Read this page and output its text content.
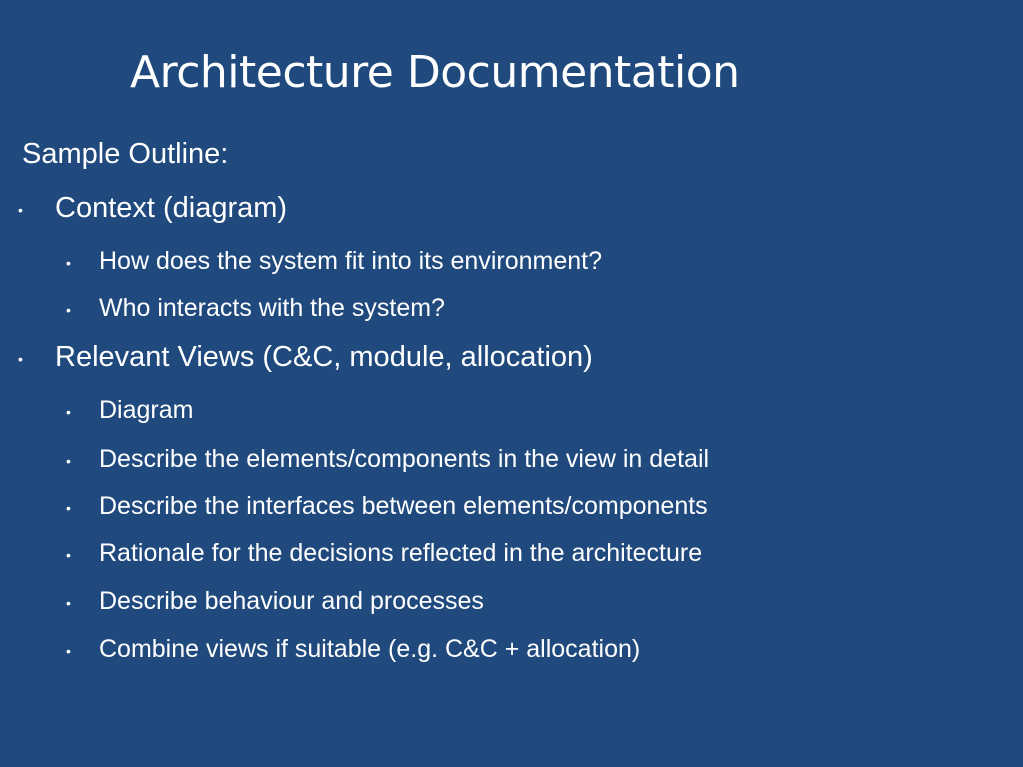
Architecture Documentation
Sample Outline:
• Context (diagram)
• How does the system fit into its environment?
• Who interacts with the system?
• Relevant Views (C&C, module, allocation)
• Diagram
• Describe the elements/components in the view in detail
• Describe the interfaces between elements/components
• Rationale for the decisions reflected in the architecture
• Describe behaviour and processes
• Combine views if suitable (e.g. C&C + allocation)
